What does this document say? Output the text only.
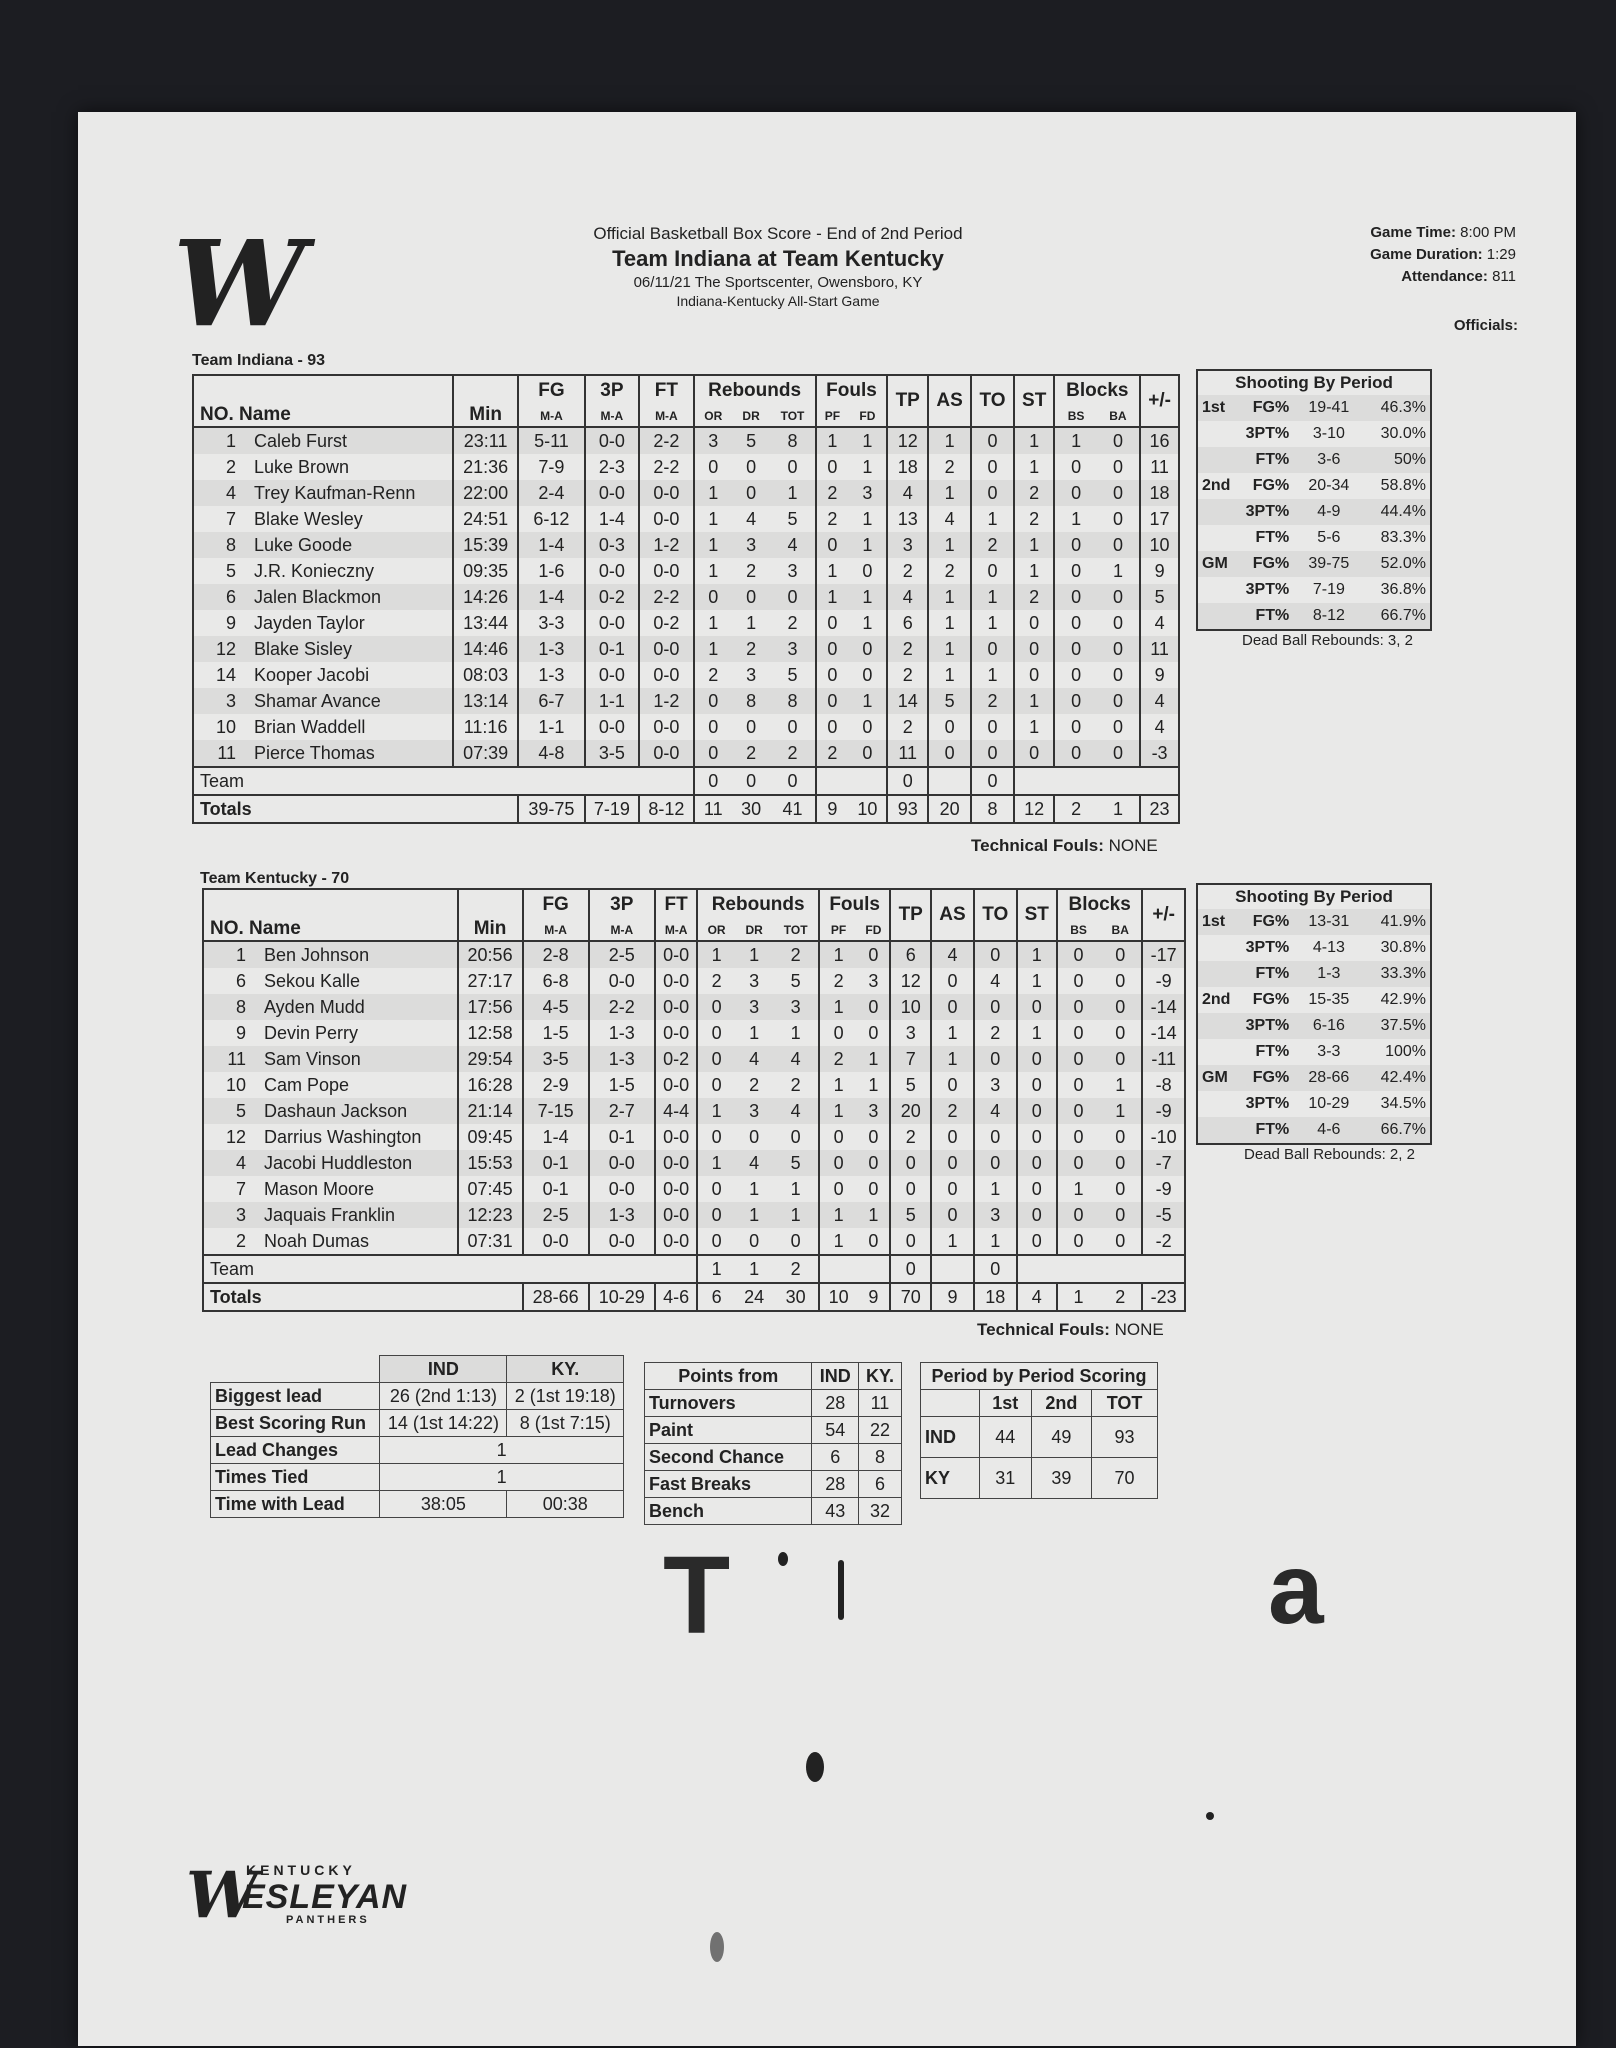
W	Official Basketball Box Score - End of 2nd Period
Team Indiana at Team Kentucky
06/11/21 The Sportscenter, Owensboro, KY
Indiana-Kentucky All-Start Game
Game Time: 8:00 PM
Game Duration: 1:29
Attendance: 811
Officials:
Team Indiana - 93
NO. Name		Min	FG	3P	FT	Rebounds			Fouls		TP	AS	TO	ST	Blocks		+/-
			M-A	M-A	M-A	OR	DR	TOT	PF	FD					BS	BA	
1	Caleb Furst	23:11	5-11	0-0	2-2	3	5	8	1	1	12	1	0	1	1	0	16
2	Luke Brown	21:36	7-9	2-3	2-2	0	0	0	0	1	18	2	0	1	0	0	11
4	Trey Kaufman-Renn	22:00	2-4	0-0	0-0	1	0	1	2	3	4	1	0	2	0	0	18
7	Blake Wesley	24:51	6-12	1-4	0-0	1	4	5	2	1	13	4	1	2	1	0	17
8	Luke Goode	15:39	1-4	0-3	1-2	1	3	4	0	1	3	1	2	1	0	0	10
5	J.R. Konieczny	09:35	1-6	0-0	0-0	1	2	3	1	0	2	2	0	1	0	1	9
6	Jalen Blackmon	14:26	1-4	0-2	2-2	0	0	0	1	1	4	1	1	2	0	0	5
9	Jayden Taylor	13:44	3-3	0-0	0-2	1	1	2	0	1	6	1	1	0	0	0	4
12	Blake Sisley	14:46	1-3	0-1	0-0	1	2	3	0	0	2	1	0	0	0	0	11
14	Kooper Jacobi	08:03	1-3	0-0	0-0	2	3	5	0	0	2	1	1	0	0	0	9
3	Shamar Avance	13:14	6-7	1-1	1-2	0	8	8	0	1	14	5	2	1	0	0	4
10	Brian Waddell	11:16	1-1	0-0	0-0	0	0	0	0	0	2	0	0	1	0	0	4
11	Pierce Thomas	07:39	4-8	3-5	0-0	0	2	2	2	0	11	0	0	0	0	0	-3
Team						0	0	0			0		0				
Totals			39-75	7-19	8-12	11	30	41	9	10	93	20	8	12	2	1	23
Shooting By Period
1st	FG%	19-41	46.3%
3PT%	3-10	30.0%
FT%	3-6	50%
2nd	FG%	20-34	58.8%
3PT%	4-9	44.4%
FT%	5-6	83.3%
GM	FG%	39-75	52.0%
3PT%	7-19	36.8%
FT%	8-12	66.7%
Dead Ball Rebounds: 3, 2
Technical Fouls: NONE
Team Kentucky - 70
NO. Name		Min	FG	3P	FT	Rebounds			Fouls		TP	AS	TO	ST	Blocks		+/-
			M-A	M-A	M-A	OR	DR	TOT	PF	FD					BS	BA	
1	Ben Johnson	20:56	2-8	2-5	0-0	1	1	2	1	0	6	4	0	1	0	0	-17
6	Sekou Kalle	27:17	6-8	0-0	0-0	2	3	5	2	3	12	0	4	1	0	0	-9
8	Ayden Mudd	17:56	4-5	2-2	0-0	0	3	3	1	0	10	0	0	0	0	0	-14
9	Devin Perry	12:58	1-5	1-3	0-0	0	1	1	0	0	3	1	2	1	0	0	-14
11	Sam Vinson	29:54	3-5	1-3	0-2	0	4	4	2	1	7	1	0	0	0	0	-11
10	Cam Pope	16:28	2-9	1-5	0-0	0	2	2	1	1	5	0	3	0	0	1	-8
5	Dashaun Jackson	21:14	7-15	2-7	4-4	1	3	4	1	3	20	2	4	0	0	1	-9
12	Darrius Washington	09:45	1-4	0-1	0-0	0	0	0	0	0	2	0	0	0	0	0	-10
4	Jacobi Huddleston	15:53	0-1	0-0	0-0	1	4	5	0	0	0	0	0	0	0	0	-7
7	Mason Moore	07:45	0-1	0-0	0-0	0	1	1	0	0	0	0	1	0	1	0	-9
3	Jaquais Franklin	12:23	2-5	1-3	0-0	0	1	1	1	1	5	0	3	0	0	0	-5
2	Noah Dumas	07:31	0-0	0-0	0-0	0	0	0	1	0	0	1	1	0	0	0	-2
Team						1	1	2			0		0				
Totals			28-66	10-29	4-6	6	24	30	10	9	70	9	18	4	1	2	-23
Shooting By Period
1st	FG%	13-31	41.9%
3PT%	4-13	30.8%
FT%	1-3	33.3%
2nd	FG%	15-35	42.9%
3PT%	6-16	37.5%
FT%	3-3	100%
GM	FG%	28-66	42.4%
3PT%	10-29	34.5%
FT%	4-6	66.7%
Dead Ball Rebounds: 2, 2
Technical Fouls: NONE
	IND	KY.
Biggest lead	26 (2nd 1:13)	2 (1st 19:18)
Best Scoring Run	14 (1st 14:22)	8 (1st 7:15)
Lead Changes	1	
Times Tied	1	
Time with Lead	38:05	00:38
Points from	IND	KY.
Turnovers	28	11
Paint	54	22
Second Chance	6	8
Fast Breaks	28	6
Bench	43	32
Period by Period Scoring			
	1st	2nd	TOT
IND	44	49	93
KY	31	39	70
T	a
W
KENTUCKY
ESLEYAN
PANTHERS
